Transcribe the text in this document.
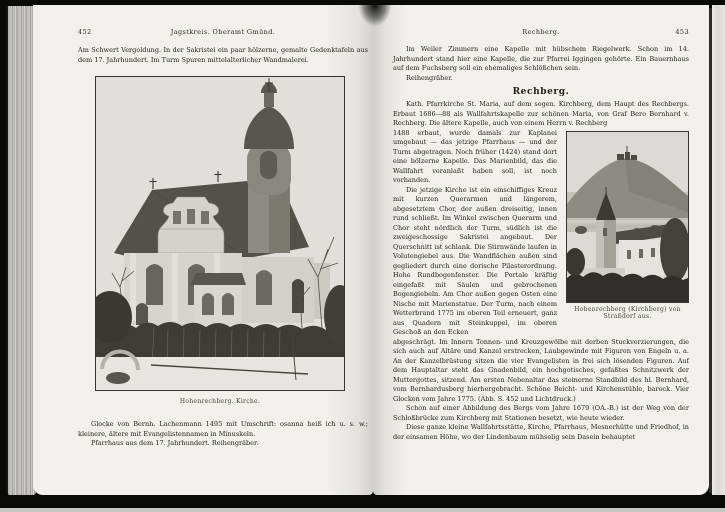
452	Jagstkreis. Oberamt Gmünd.

Am Schwert Vergoldung. In der Sakristei ein paar hölzerne, gemalte Gedenktafeln aus dem 17. Jahrhundert. Im Turm Spuren mittelalterlicher Wandmalerei.

Hohenrechberg. Kirche.

Glocke von Bernh. Lachenmann 1495 mit Umschrift: osanna heiß ich u. s. w.; kleinere, ältere mit Evangelistennamen in Minuskeln.

Pfarrhaus aus dem 17. Jahrhundert. Reihengräber.

Rechberg.	453

Im Weiler Zimmern eine Kapelle mit hübschem Riegelwerk. Schon im 14. Jahrhundert stand hier eine Kapelle, die zur Pfarrei Iggingen gehörte. Ein Bauernhaus auf dem Fuchsberg soll ein ehemaliges Schlößchen sein.

Reihengräber.

Rechberg.

Kath. Pfarrkirche St. Maria, auf dem sogen. Kirchberg, dem Haupt des Rechbergs. Erbaut 1686—88 als Wallfahrtskapelle zur schönen Maria, von Graf Bero Bernhard v. Rechberg. Die ältere Kapelle, auch von einem Herrn v. Rechberg

Hohenrechberg (Kirchberg) von Straßdorf aus.

1488 erbaut, wurde damals zur Kaplanei umgebaut — das jetzige Pfarrhaus — und der Turm abgetragen. Noch früher (1424) stand dort eine hölzerne Kapelle. Das Marienbild, das die Wallfahrt veranlaßt haben soll, ist noch vorhanden.

Die jetzige Kirche ist ein einschiffiges Kreuz mit kurzen Querarmen und längerem, abgesetztem Chor, der außen dreiseitig, innen rund schließt. Im Winkel zwischen Querarm und Chor steht nördlich der Turm, südlich ist die zweigeschossige Sakristei angebaut. Der Querschnitt ist schlank. Die Stirnwände laufen in Volutengiebel aus. Die Wandflächen außen sind gegliedert durch eine dorische Pilasterordnung. Hohe Rundbogenfenster. Die Portale kräftig eingefaßt mit Säulen und gebrochenen Bogengiebeln. Am Chor außen gegen Osten eine Nische mit Marienstatue. Der Turm, nach einem Wetterbrand 1775 im oberen Teil erneuert, ganz aus Quadern mit Steinkuppel, im oberen Geschoß an den Ecken

abgeschrägt. Im Innern Tonnen- und Kreuzgewölbe mit derben Stuckverzierungen, die sich auch auf Altäre und Kanzel erstrecken, Laubgewinde mit Figuren von Engeln u. a. An der Kanzelbrüstung sitzen die vier Evangelisten in frei sich lösenden Figuren. Auf dem Hauptaltar steht das Gnadenbild, ein hochgotisches, gefaßtes Schnitzwerk der Muttergottes, sitzend. Am ersten Nebenaltar das steinerne Standbild des hl. Bernhard, vom Bernhardusberg hierhergebracht. Schöne Beicht- und Kirchenstühle, barock. Vier Glocken vom Jahre 1775. (Abb. S. 452 und Lichtdruck.)

Schon auf einer Abbildung des Bergs vom Jahre 1679 (OA.-B.) ist der Weg von der Schloßbrücke zum Kirchberg mit Stationen besetzt, wie heute wieder.

Diese ganze kleine Wallfahrtsstätte, Kirche, Pfarrhaus, Mesnerhütte und Friedhof, in der einsamen Höhe, wo der Lindenbaum mühselig sein Dasein behauptet
